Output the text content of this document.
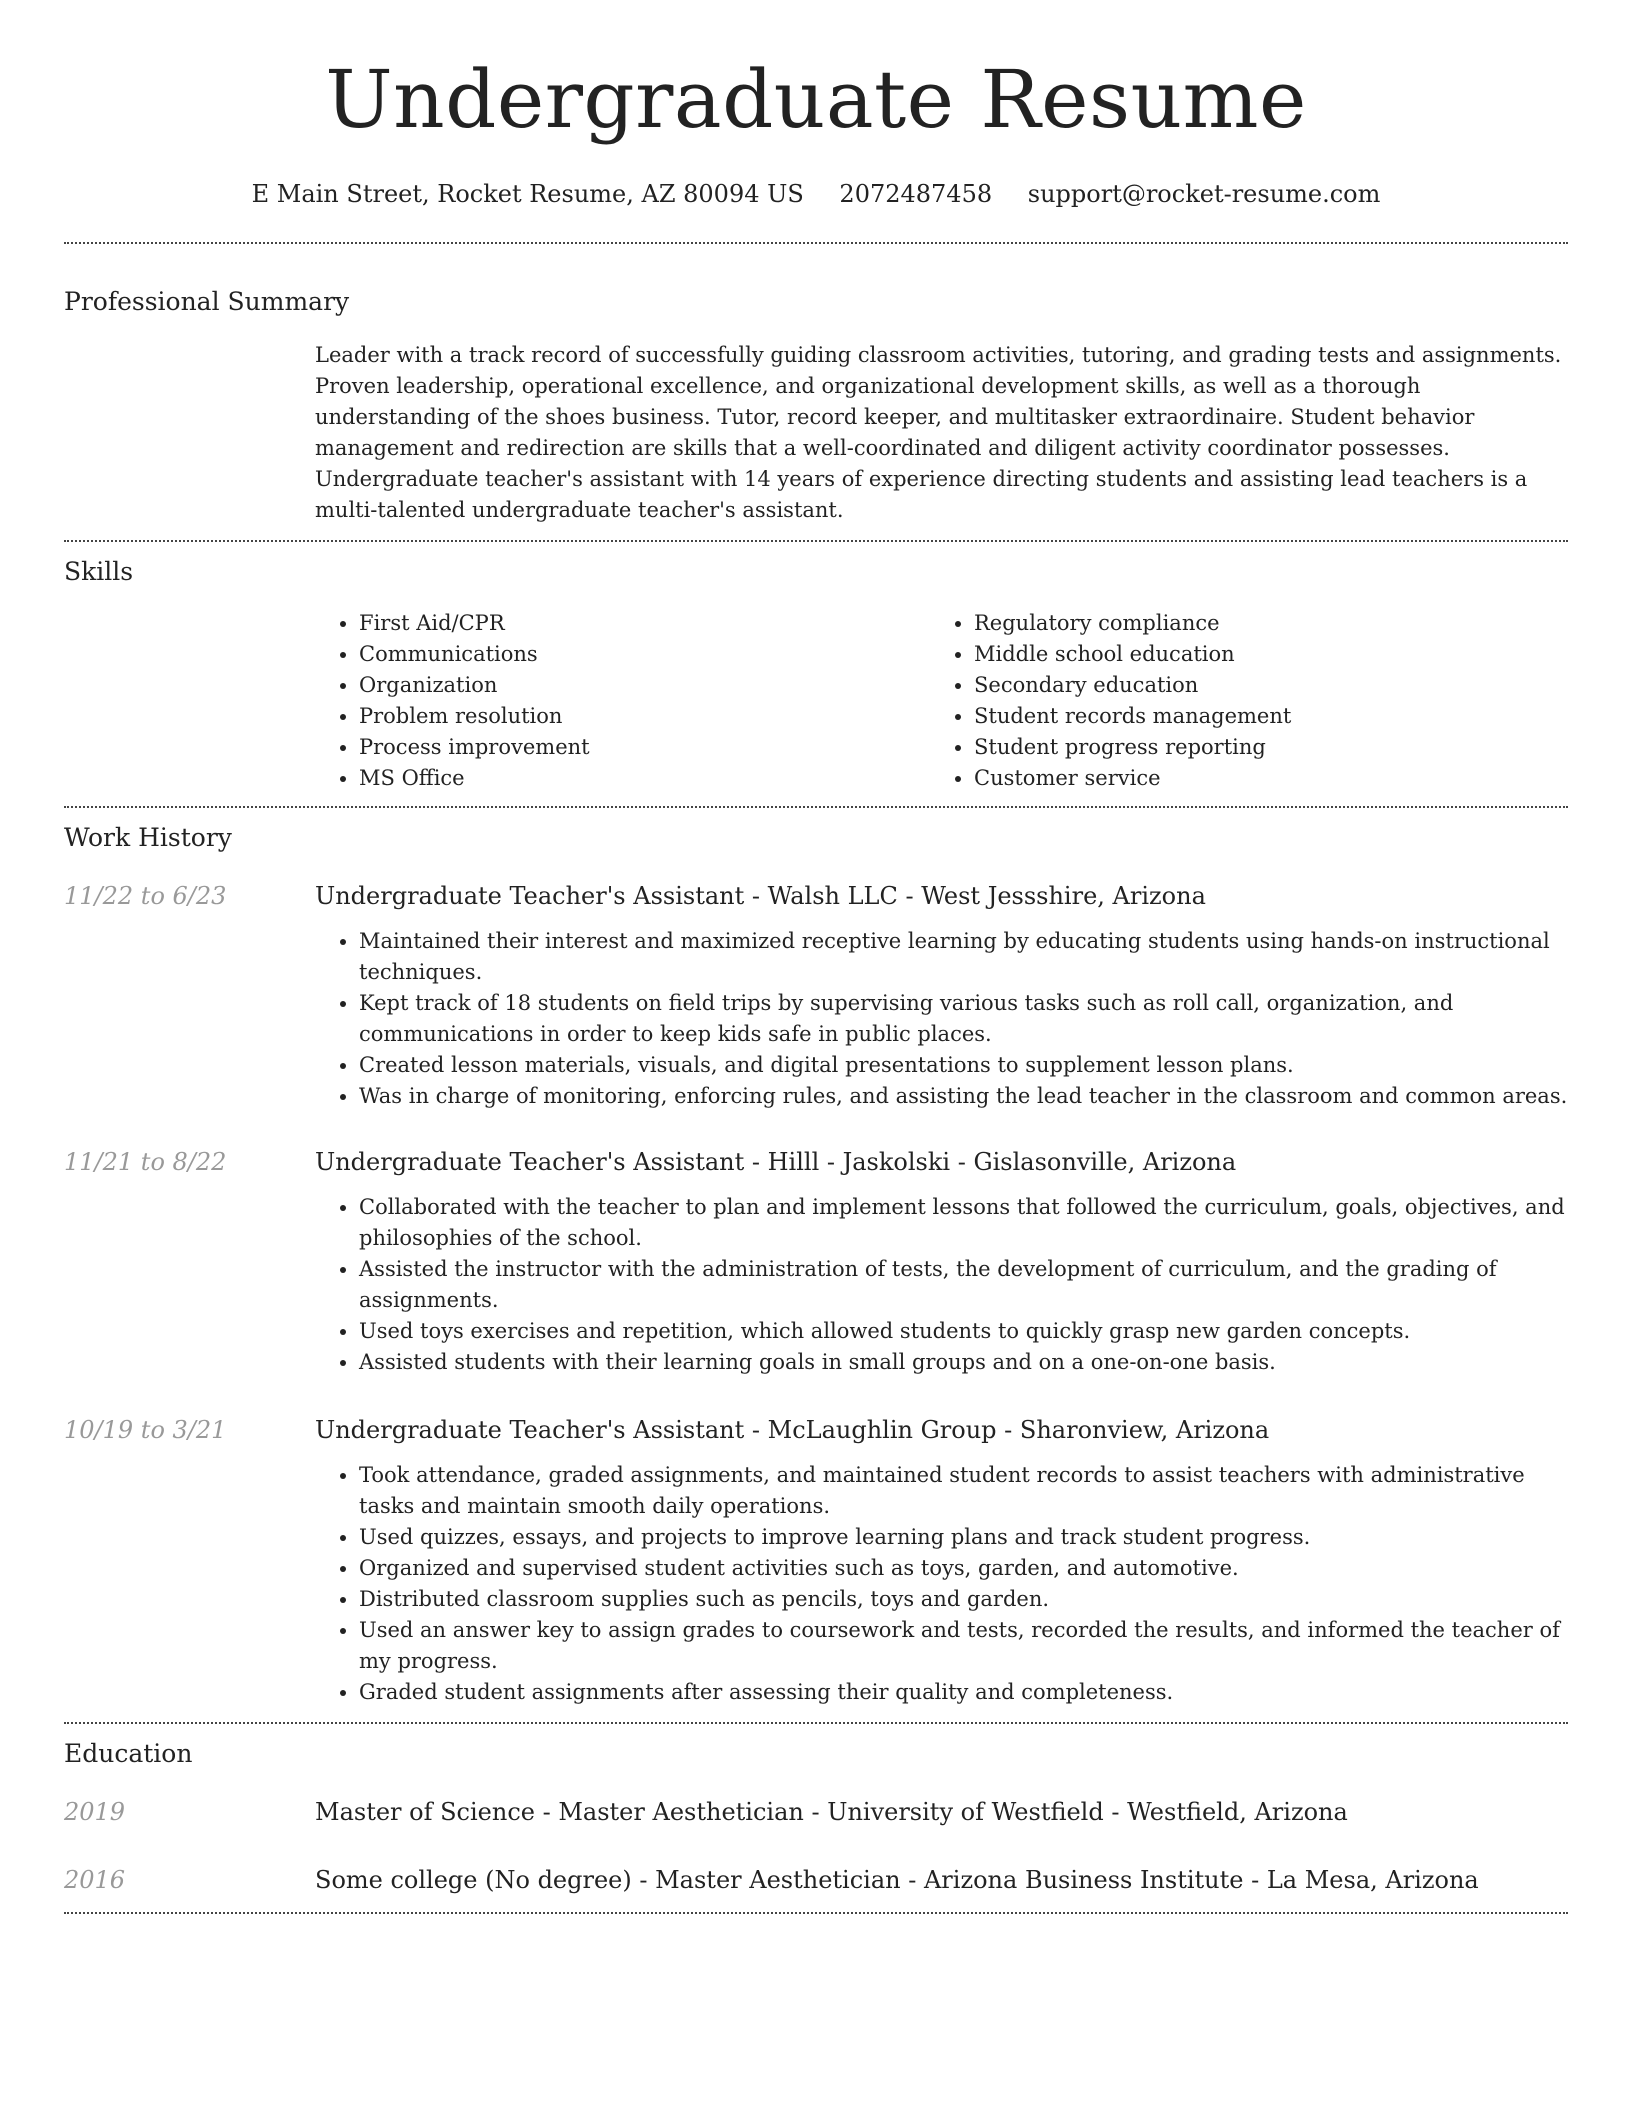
Undergraduate Resume
E Main Street, Rocket Resume, AZ 80094 US 2072487458 support@rocket-resume.com
Professional Summary

Leader with a track record of successfully guiding classroom activities, tutoring, and grading tests and assignments. Proven leadership, operational excellence, and organizational development skills, as well as a thorough understanding of the shoes business. Tutor, record keeper, and multitasker extraordinaire. Student behavior management and redirection are skills that a well-coordinated and diligent activity coordinator possesses. Undergraduate teacher's assistant with 14 years of experience directing students and assisting lead teachers is a multi-talented undergraduate teacher's assistant.

Skills
• First Aid/CPR
• Communications
• Organization
• Problem resolution
• Process improvement
• MS Office
• Regulatory compliance
• Middle school education
• Secondary education
• Student records management
• Student progress reporting
• Customer service
Work History
11/22 to 6/23	Undergraduate Teacher's Assistant - Walsh LLC - West Jessshire, Arizona
• Maintained their interest and maximized receptive learning by educating students using hands-on instructional techniques.
• Kept track of 18 students on field trips by supervising various tasks such as roll call, organization, and communications in order to keep kids safe in public places.
• Created lesson materials, visuals, and digital presentations to supplement lesson plans.
• Was in charge of monitoring, enforcing rules, and assisting the lead teacher in the classroom and common areas.
11/21 to 8/22	Undergraduate Teacher's Assistant - Hilll - Jaskolski - Gislasonville, Arizona
• Collaborated with the teacher to plan and implement lessons that followed the curriculum, goals, objectives, and philosophies of the school.
• Assisted the instructor with the administration of tests, the development of curriculum, and the grading of assignments.
• Used toys exercises and repetition, which allowed students to quickly grasp new garden concepts.
• Assisted students with their learning goals in small groups and on a one-on-one basis.
10/19 to 3/21	Undergraduate Teacher's Assistant - McLaughlin Group - Sharonview, Arizona
• Took attendance, graded assignments, and maintained student records to assist teachers with administrative tasks and maintain smooth daily operations.
• Used quizzes, essays, and projects to improve learning plans and track student progress.
• Organized and supervised student activities such as toys, garden, and automotive.
• Distributed classroom supplies such as pencils, toys and garden.
• Used an answer key to assign grades to coursework and tests, recorded the results, and informed the teacher of my progress.
• Graded student assignments after assessing their quality and completeness.
Education
2019	Master of Science - Master Aesthetician - University of Westfield - Westfield, Arizona
2016	Some college (No degree) - Master Aesthetician - Arizona Business Institute - La Mesa, Arizona
